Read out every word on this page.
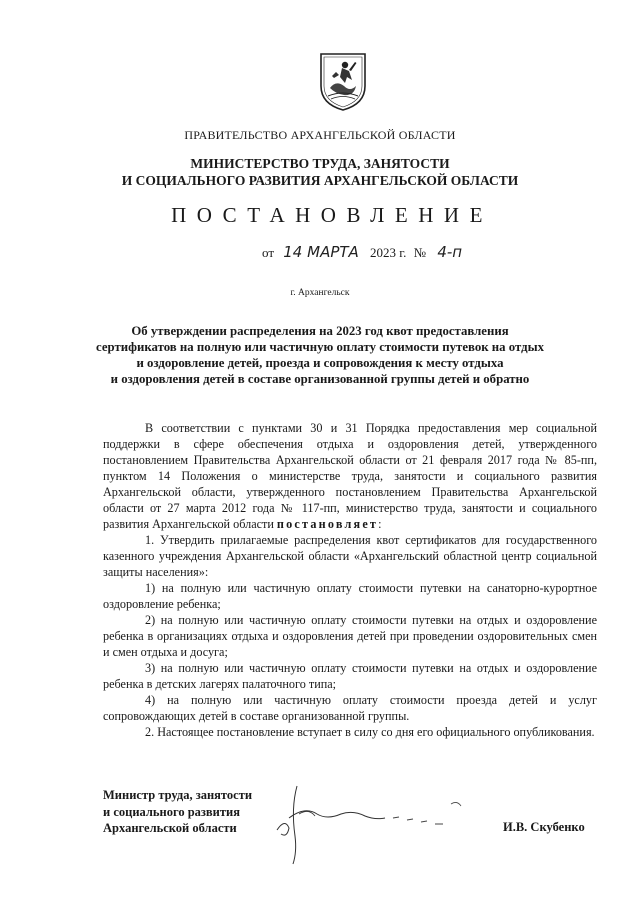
ПРАВИТЕЛЬСТВО АРХАНГЕЛЬСКОЙ ОБЛАСТИ
МИНИСТЕРСТВО ТРУДА, ЗАНЯТОСТИ
И СОЦИАЛЬНОГО РАЗВИТИЯ АРХАНГЕЛЬСКОЙ ОБЛАСТИ
ПОСТАНОВЛЕНИЕ
от 14 МАРТА 2023 г. № 4-п
г. Архангельск
Об утверждении распределения на 2023 год квот предоставления
сертификатов на полную или частичную оплату стоимости путевок на отдых
и оздоровление детей, проезда и сопровождения к месту отдыха
и оздоровления детей в составе организованной группы детей и обратно

В соответствии с пунктами 30 и 31 Порядка предоставления мер социальной поддержки в сфере обеспечения отдыха и оздоровления детей, утвержденного постановлением Правительства Архангельской области от 21 февраля 2017 года № 85-пп, пунктом 14 Положения о министерстве труда, занятости и социального развития Архангельской области, утвержденного постановлением Правительства Архангельской области от 27 марта 2012 года № 117-пп, министерство труда, занятости и социального развития Архангельской области постановляет:

1. Утвердить прилагаемые распределения квот сертификатов для государственного казенного учреждения Архангельской области «Архангельский областной центр социальной защиты населения»:

1) на полную или частичную оплату стоимости путевки на санаторно-курортное оздоровление ребенка;

2) на полную или частичную оплату стоимости путевки на отдых и оздоровление ребенка в организациях отдыха и оздоровления детей при проведении оздоровительных смен и смен отдыха и досуга;

3) на полную или частичную оплату стоимости путевки на отдых и оздоровление ребенка в детских лагерях палаточного типа;

4) на полную или частичную оплату стоимости проезда детей и услуг сопровождающих детей в составе организованной группы.

2. Настоящее постановление вступает в силу со дня его официального опубликования.

Министр труда, занятости
и социального развития
Архангельской области	И.В. Скубенко
